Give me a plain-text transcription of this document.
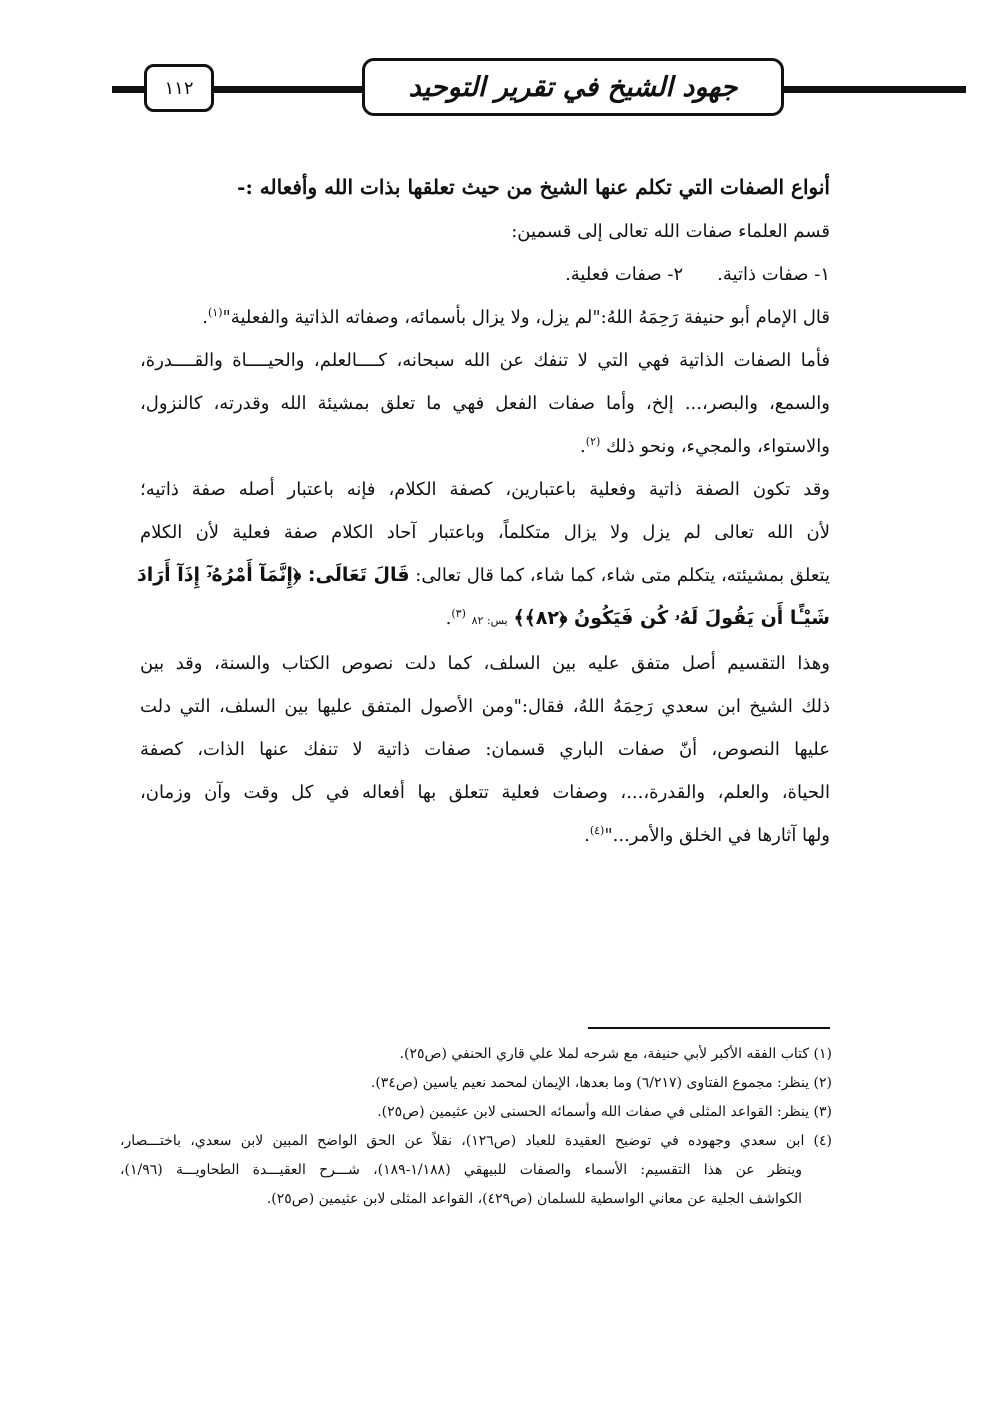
١١٢	جهود الشيخ في تقرير التوحيد
أنواع الصفات التي تكلم عنها الشيخ من حيث تعلقها بذات الله وأفعاله :-
قسم العلماء صفات الله تعالى إلى قسمين:
١- صفات ذاتية.٢- صفات فعلية.
قال الإمام أبو حنيفة رَحِمَهُ اللهُ:"لم يزل، ولا يزال بأسمائه، وصفاته الذاتية والفعلية"$^{(١)}$.
فأما الصفات الذاتية فهي التي لا تنفك عن الله سبحانه، كــــالعلم، والحيــــاة والقــــدرة،
والسمع، والبصر،... إلخ، وأما صفات الفعل فهي ما تعلق بمشيئة الله وقدرته، كالنزول،
والاستواء، والمجيء، ونحو ذلك $^{(٢)}$.
وقد تكون الصفة ذاتية وفعلية باعتبارين، كصفة الكلام، فإنه باعتبار أصله صفة ذاتيه؛
لأن الله تعالى لم يزل ولا يزال متكلماً، وباعتبار آحاد الكلام صفة فعلية لأن الكلام
يتعلق بمشيئته، يتكلم متى شاء، كما شاء، كما قال تعالى: قَالَ تَعَالَى: ﴿إِنَّمَآ أَمْرُهُۥٓ إِذَآ أَرَادَ
شَيْـًٔا أَن يَقُولَ لَهُۥ كُن فَيَكُونُ ﴿٨٢﴾﴾ يس: ٨٢ $^{(٣)}$.
وهذا التقسيم أصل متفق عليه بين السلف، كما دلت نصوص الكتاب والسنة، وقد بين
ذلك الشيخ ابن سعدي رَحِمَهُ اللهُ، فقال:"ومن الأصول المتفق عليها بين السلف، التي دلت
عليها النصوص، أنّ صفات الباري قسمان: صفات ذاتية لا تنفك عنها الذات، كصفة
الحياة، والعلم، والقدرة،...، وصفات فعلية تتعلق بها أفعاله في كل وقت وآن وزمان،
ولها آثارها في الخلق والأمر..."$^{(٤)}$.
(١) كتاب الفقه الأكبر لأبي حنيفة، مع شرحه لملا علي قاري الحنفي (ص٢٥).
(٢) ينظر: مجموع الفتاوى (٦/٢١٧) وما بعدها، الإيمان لمحمد نعيم ياسين (ص٣٤).
(٣) ينظر: القواعد المثلى في صفات الله وأسمائه الحسنى لابن عثيمين (ص٢٥).
(٤) ابن سعدي وجهوده في توضيح العقيدة للعباد (ص١٢٦)، نقلاً عن الحق الواضح المبين لابن سعدي، باختـــصار،
وينظر عن هذا التقسيم: الأسماء والصفات للبيهقي (١/١٨٨-١٨٩)، شـــرح العقيـــدة الطحاويـــة (١/٩٦)،
الكواشف الجلية عن معاني الواسطية للسلمان (ص٤٢٩)، القواعد المثلى لابن عثيمين (ص٢٥).
